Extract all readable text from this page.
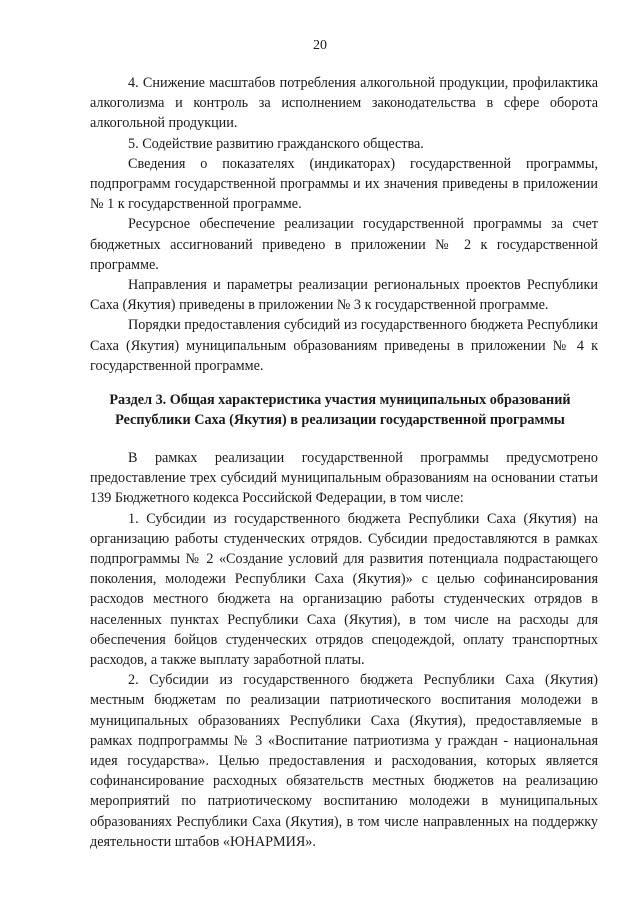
20

4. Снижение масштабов потребления алкогольной продукции, профилактика алкоголизма и контроль за исполнением законодательства в сфере оборота алкогольной продукции.

5. Содействие развитию гражданского общества.

Сведения о показателях (индикаторах) государственной программы, подпрограмм государственной программы и их значения приведены в приложении № 1 к государственной программе.

Ресурсное обеспечение реализации государственной программы за счет бюджетных ассигнований приведено в приложении № 2 к государственной программе.

Направления и параметры реализации региональных проектов Республики Саха (Якутия) приведены в приложении № 3 к государственной программе.

Порядки предоставления субсидий из государственного бюджета Республики Саха (Якутия) муниципальным образованиям приведены в приложении № 4 к государственной программе.

Раздел 3. Общая характеристика участия муниципальных образований
Республики Саха (Якутия) в реализации государственной программы

В рамках реализации государственной программы предусмотрено предоставление трех субсидий муниципальным образованиям на основании статьи 139 Бюджетного кодекса Российской Федерации, в том числе:

1. Субсидии из государственного бюджета Республики Саха (Якутия) на организацию работы студенческих отрядов. Субсидии предоставляются в рамках подпрограммы № 2 «Создание условий для развития потенциала подрастающего поколения, молодежи Республики Саха (Якутия)» с целью софинансирования расходов местного бюджета на организацию работы студенческих отрядов в населенных пунктах Республики Саха (Якутия), в том числе на расходы для обеспечения бойцов студенческих отрядов спецодеждой, оплату транспортных расходов, а также выплату заработной платы.

2. Субсидии из государственного бюджета Республики Саха (Якутия) местным бюджетам по реализации патриотического воспитания молодежи в муниципальных образованиях Республики Саха (Якутия), предоставляемые в рамках подпрограммы № 3 «Воспитание патриотизма у граждан - национальная идея государства». Целью предоставления и расходования, которых является софинансирование расходных обязательств местных бюджетов на реализацию мероприятий по патриотическому воспитанию молодежи в муниципальных образованиях Республики Саха (Якутия), в том числе направленных на поддержку деятельности штабов «ЮНАРМИЯ».
